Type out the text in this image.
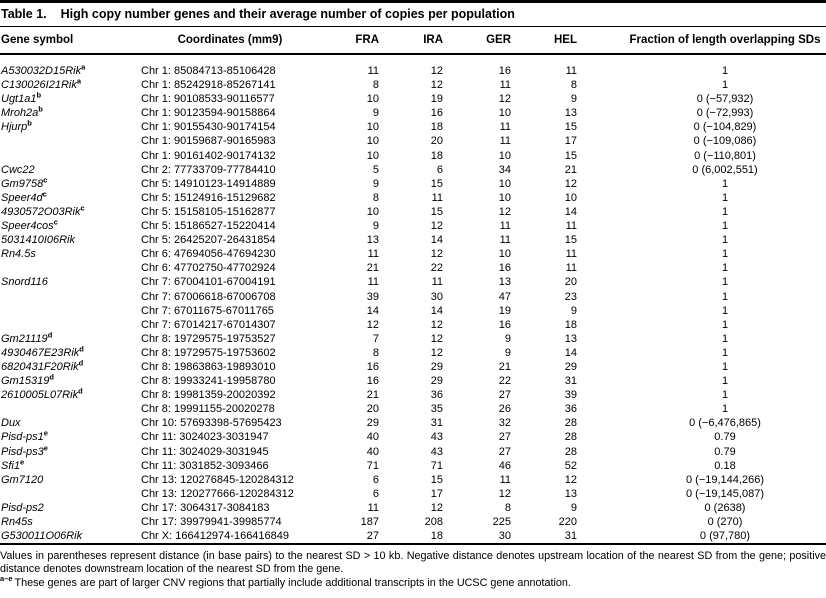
Table 1. High copy number genes and their average number of copies per population
Gene symbol	Coordinates (mm9)	FRA	IRA	GER	HEL	Fraction of length overlapping SDs
A530032D15Rik$^a$	Chr 1: 85084713-85106428	11	12	16	11	1
C130026I21Rik$^a$	Chr 1: 85242918-85267141	8	12	11	8	1
Ugt1a1$^b$	Chr 1: 90108533-90116577	10	19	12	9	0 (−57,932)
$Mroh2a^b$	Chr 1: 90123594-90158864	9	16	10	13	0 (−72,993)
Hjurp$^b$	Chr 1: 90155430-90174154	10	18	11	15	0 (−104,829)
	Chr 1: 90159687-90165983	10	20	11	17	0 (−109,086)
	Chr 1: 90161402-90174132	10	18	10	15	0 (−110,801)
Cwc22	Chr 2: 77733709-77784410	5	6	34	21	0 (6,002,551)
Gm9758$^c$	Chr 5: 14910123-14914889	9	15	10	12	1
$Speer4d^c$	Chr 5: 15124916-15129682	8	11	10	10	1
4930572O03Rik$^c$	Chr 5: 15158105-15162877	10	15	12	14	1
$Speer4\cos^c$	Chr 5: 15186527-15220414	9	12	11	11	1
5031410I06Rik	Chr 5: 26425207-26431854	13	14	11	15	1
Rn4.5s	Chr 6: 47694056-47694230	11	12	10	11	1
	Chr 6: 47702750-47702924	21	22	16	11	1
Snord116	Chr 7: 67004101-67004191	11	11	13	20	1
	Chr 7: 67006618-67006708	39	30	47	23	1
	Chr 7: 67011675-67011765	14	14	19	9	1
	Chr 7: 67014217-67014307	12	12	16	18	1
Gm21119$^d$	Chr 8: 19729575-19753527	7	12	9	13	1
4930467E23Rik$^d$	Chr 8: 19729575-19753602	8	12	9	14	1
6820431F20Rik$^d$	Chr 8: 19863863-19893010	16	29	21	29	1
Gm15319$^d$	Chr 8: 19933241-19958780	16	29	22	31	1
2610005L07Rik$^d$	Chr 8: 19981359-20020392	21	36	27	39	1
	Chr 8: 19991155-20020278	20	35	26	36	1
Dux	Chr 10: 57693398-57695423	29	31	32	28	0 (−6,476,865)
Pisd-ps1e	Chr 11: 3024023-3031947	40	43	27	28	0.79
Pisd-ps3e	Chr 11: 3024029-3031945	40	43	27	28	0.79
Sfi1e	Chr 11: 3031852-3093466	71	71	46	52	0.18
Gm7120	Chr 13: 120276845-120284312	6	15	11	12	0 (−19,144,266)
	Chr 13: 120277666-120284312	6	17	12	13	0 (−19,145,087)
Pisd-ps2	Chr 17: 3064317-3084183	11	12	8	9	0 (2638)
Rn45s	Chr 17: 39979941-39985774	187	208	225	220	0 (270)
G530011O06Rik	Chr X: 166412974-166416849	27	18	30	31	0 (97,780)

Values in parentheses represent distance (in base pairs) to the nearest SD > 10 kb. Negative distance denotes upstream location of the nearest SD from the gene; positive distance denotes downstream location of the nearest SD from the gene.

$^{a-e}$ These genes are part of larger CNV regions that partially include additional transcripts in the UCSC gene annotation.
